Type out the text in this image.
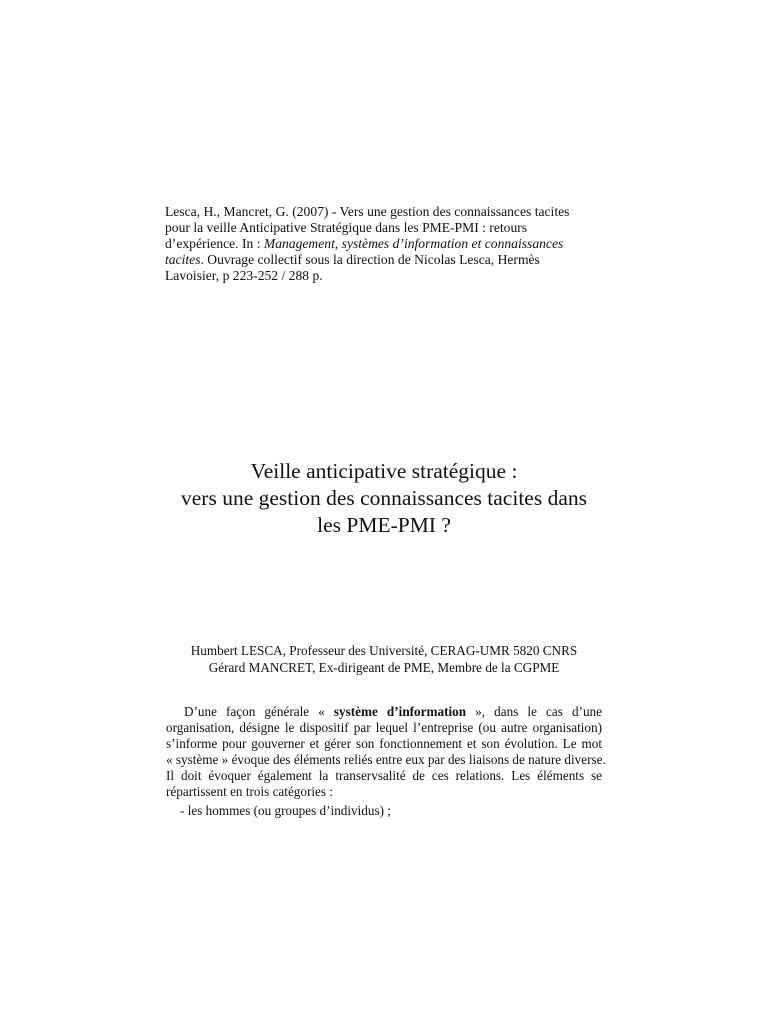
Lesca, H., Mancret, G. (2007) - Vers une gestion des connaissances tacites
pour la veille Anticipative Stratégique dans les PME-PMI : retours
d’expérience. In : Management, systèmes d’information et connaissances
tacites. Ouvrage collectif sous la direction de Nicolas Lesca, Hermès
Lavoisier, p 223-252 / 288 p.
Veille anticipative stratégique :
vers une gestion des connaissances tacites dans
les PME-PMI ?
Humbert LESCA, Professeur des Université, CERAG-UMR 5820 CNRS
Gérard MANCRET, Ex-dirigeant de PME, Membre de la CGPME
D’une façon générale « système d’information », dans le cas d’une
organisation, désigne le dispositif par lequel l’entreprise (ou autre organisation)
s’informe pour gouverner et gérer son fonctionnement et son évolution. Le mot
« système » évoque des éléments reliés entre eux par des liaisons de nature diverse.
Il doit évoquer également la transervsalité de ces relations. Les éléments se
répartissent en trois catégories :
- les hommes (ou groupes d’individus) ;
